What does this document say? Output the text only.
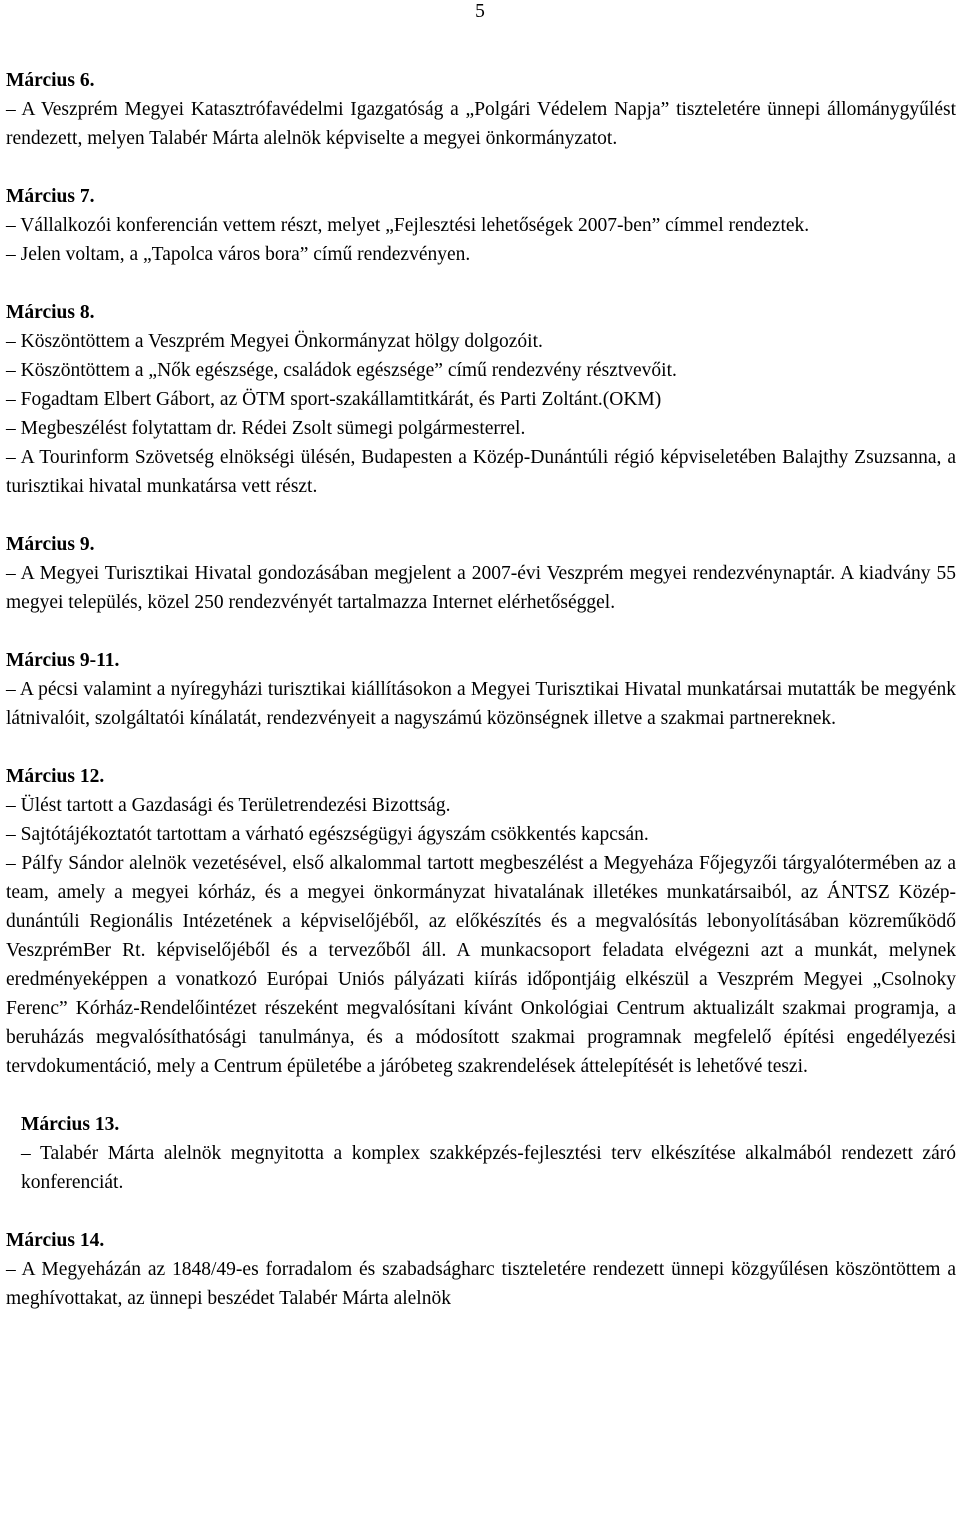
5
Március 6.

– A Veszprém Megyei Katasztrófavédelmi Igazgatóság a „Polgári Védelem Napja” tiszteletére ünnepi állománygyűlést rendezett, melyen Talabér Márta alelnök képviselte a megyei önkormányzatot.

Március 7.

– Vállalkozói konferencián vettem részt, melyet „Fejlesztési lehetőségek 2007-ben” címmel rendeztek.

– Jelen voltam, a „Tapolca város bora” című rendezvényen.

Március 8.

– Köszöntöttem a Veszprém Megyei Önkormányzat hölgy dolgozóit.

– Köszöntöttem a „Nők egészsége, családok egészsége” című rendezvény résztvevőit.

– Fogadtam Elbert Gábort, az ÖTM sport-szakállamtitkárát, és Parti Zoltánt.(OKM)

– Megbeszélést folytattam dr. Rédei Zsolt sümegi polgármesterrel.

– A Tourinform Szövetség elnökségi ülésén, Budapesten a Közép-Dunántúli régió képviseletében Balajthy Zsuzsanna, a turisztikai hivatal munkatársa vett részt.

Március 9.

– A Megyei Turisztikai Hivatal gondozásában megjelent a 2007-évi Veszprém megyei rendezvénynaptár. A kiadvány 55 megyei település, közel 250 rendezvényét tartalmazza Internet elérhetőséggel.

Március 9-11.

– A pécsi valamint a nyíregyházi turisztikai kiállításokon a Megyei Turisztikai Hivatal munkatársai mutatták be megyénk látnivalóit, szolgáltatói kínálatát, rendezvényeit a nagyszámú közönségnek illetve a szakmai partnereknek.

Március 12.

– Ülést tartott a Gazdasági és Területrendezési Bizottság.

– Sajtótájékoztatót tartottam a várható egészségügyi ágyszám csökkentés kapcsán.

– Pálfy Sándor alelnök vezetésével, első alkalommal tartott megbeszélést a Megyeháza Főjegyzői tárgyalótermében az a team, amely a megyei kórház, és a megyei önkormányzat hivatalának illetékes munkatársaiból, az ÁNTSZ Közép-dunántúli Regionális Intézetének a képviselőjéből, az előkészítés és a megvalósítás lebonyolításában közreműködő VeszprémBer Rt. képviselőjéből és a tervezőből áll. A munkacsoport feladata elvégezni azt a munkát, melynek eredményeképpen a vonatkozó Európai Uniós pályázati kiírás időpontjáig elkészül a Veszprém Megyei „Csolnoky Ferenc” Kórház-Rendelőintézet részeként megvalósítani kívánt Onkológiai Centrum aktualizált szakmai programja, a beruházás megvalósíthatósági tanulmánya, és a módosított szakmai programnak megfelelő építési engedélyezési tervdokumentáció, mely a Centrum épületébe a járóbeteg szakrendelések áttelepítését is lehetővé teszi.

Március 13.

– Talabér Márta alelnök megnyitotta a komplex szakképzés-fejlesztési terv elkészítése alkalmából rendezett záró konferenciát.

Március 14.

– A Megyeházán az 1848/49-es forradalom és szabadságharc tiszteletére rendezett ünnepi közgyűlésen köszöntöttem a meghívottakat, az ünnepi beszédet Talabér Márta alelnök
